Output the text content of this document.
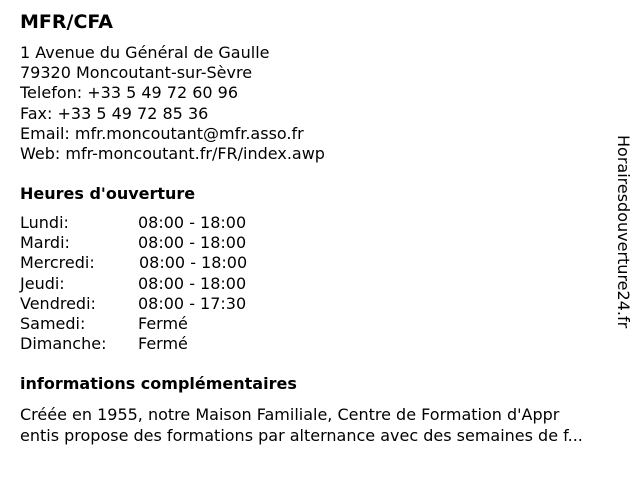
MFR/CFA
1 Avenue du Général de Gaulle
79320 Moncoutant-sur-Sèvre
Telefon: +33 5 49 72 60 96
Fax: +33 5 49 72 85 36
Email: mfr.moncoutant@mfr.asso.fr
Web: mfr-moncoutant.fr/FR/index.awp
Heures d'ouverture
Lundi:	08:00 - 18:00
Mardi:	08:00 - 18:00
Mercredi:	08:00 - 18:00
Jeudi:	08:00 - 18:00
Vendredi:	08:00 - 17:30
Samedi:	Fermé
Dimanche: Fermé
informations complémentaires
Créée en 1955, notre Maison Familiale, Centre de Formation d'Appr
entis propose des formations par alternance avec des semaines de f...
Horairesdouverture24.fr
